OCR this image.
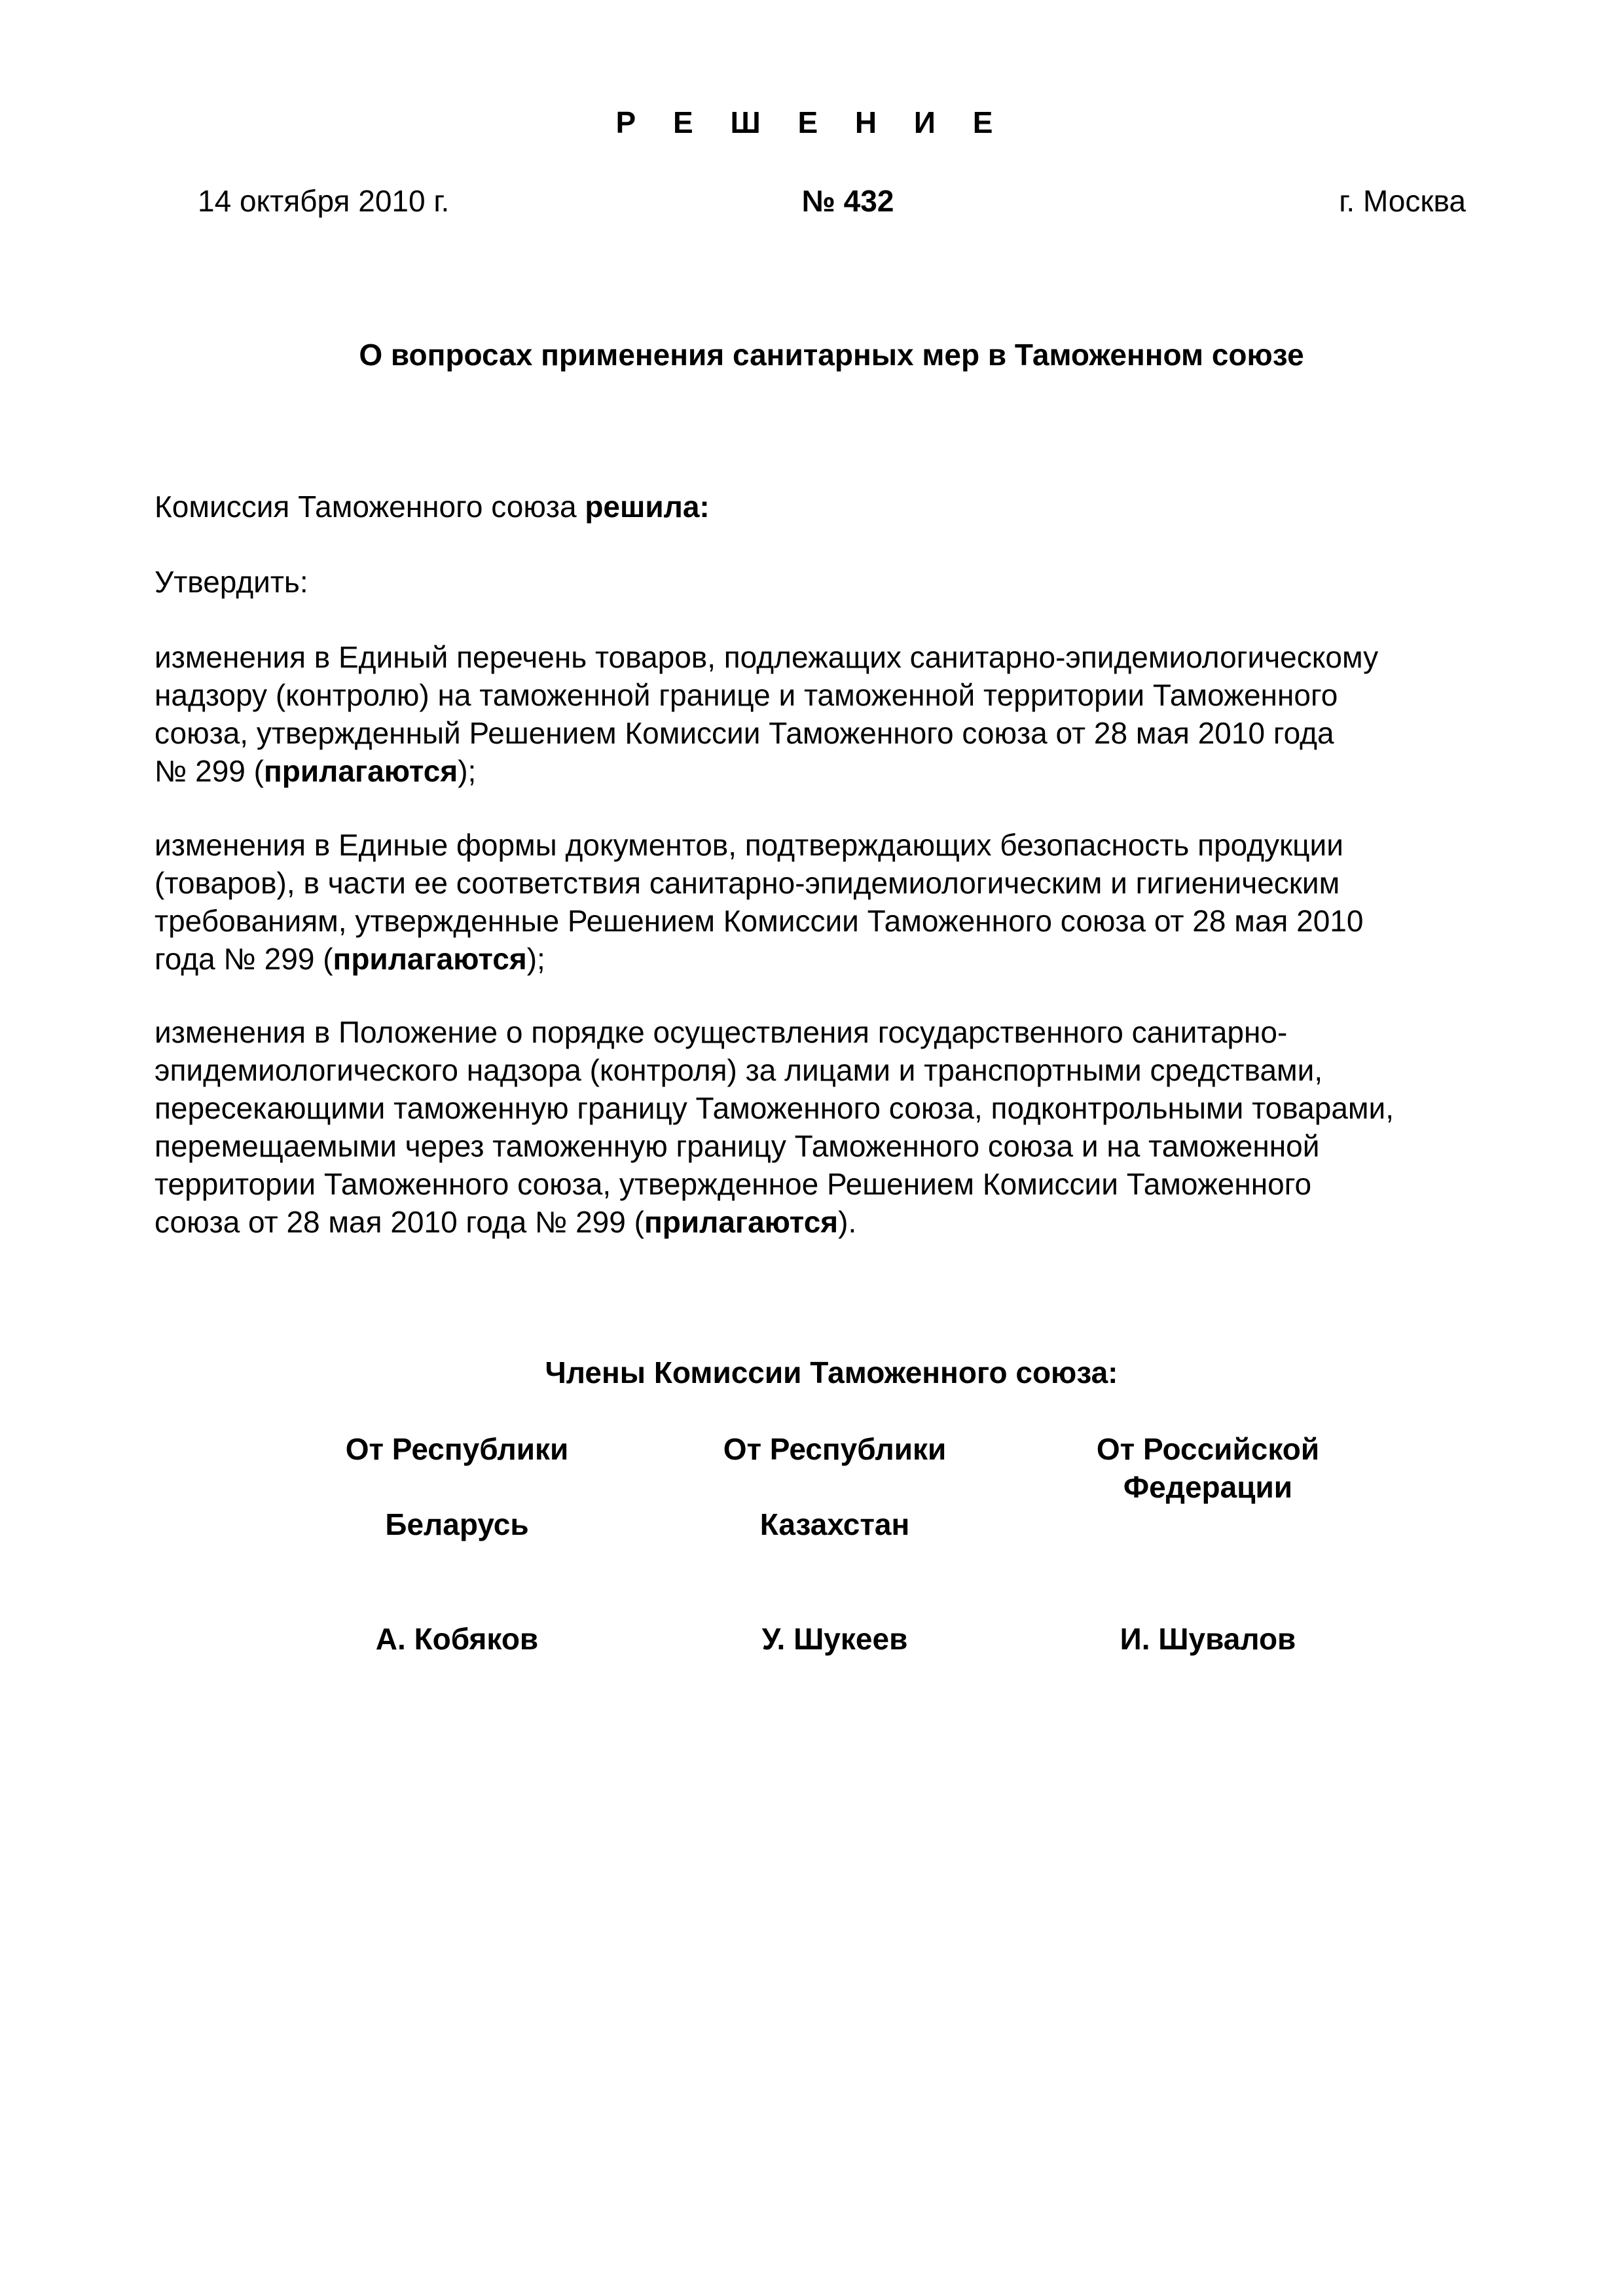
Р Е Ш Е Н И Е
14 октября 2010 г.	№ 432	г. Москва
О вопросах применения санитарных мер в Таможенном союзе
Комиссия Таможенного союза решила:
Утвердить:

изменения в Единый перечень товаров, подлежащих санитарно-эпидемиологическому

надзору (контролю) на таможенной границе и таможенной территории Таможенного

союза, утвержденный Решением Комиссии Таможенного союза от 28 мая 2010 года

№ 299 (прилагаются);

изменения в Единые формы документов, подтверждающих безопасность продукции

(товаров), в части ее соответствия санитарно-эпидемиологическим и гигиеническим

требованиям, утвержденные Решением Комиссии Таможенного союза от 28 мая 2010

года № 299 (прилагаются);

изменения в Положение о порядке осуществления государственного санитарно-

эпидемиологического надзора (контроля) за лицами и транспортными средствами,

пересекающими таможенную границу Таможенного союза, подконтрольными товарами,

перемещаемыми через таможенную границу Таможенного союза и на таможенной

территории Таможенного союза, утвержденное Решением Комиссии Таможенного

союза от 28 мая 2010 года № 299 (прилагаются).

Члены Комиссии Таможенного союза:
От Республики
Беларусь
А. Кобяков
От Республики
Казахстан
У. Шукеев
От Российской
Федерации
И. Шувалов
